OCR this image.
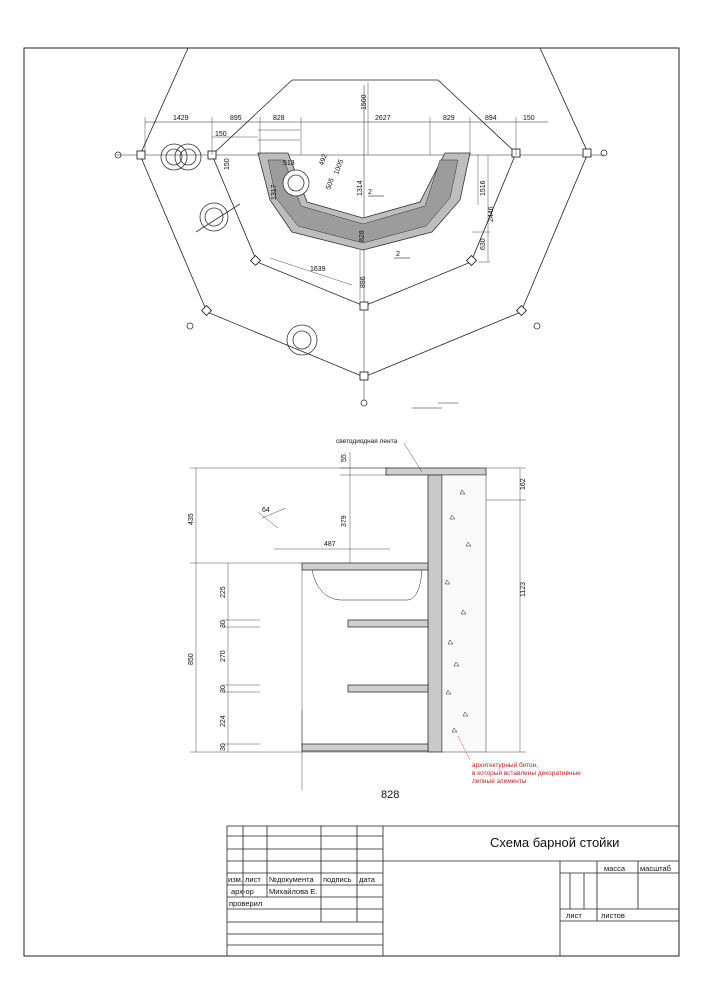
1429	895	828	2627	829	894	150
150
150
1500
513	492 1005
505	1314
1317
828
1516
2446
630
1639
896
2
2
светодиодная лента
55
162
435	379
64
487
1123
850
225
30
270
30
224
30
архитектурный бетон,
в который вставлены декоративные
лепные элементы
828
Схема барной стойки
масса масштаб
лист	листов
изм. лист №документа подпись дата
арх-ор Михайлова Е.
проверил
